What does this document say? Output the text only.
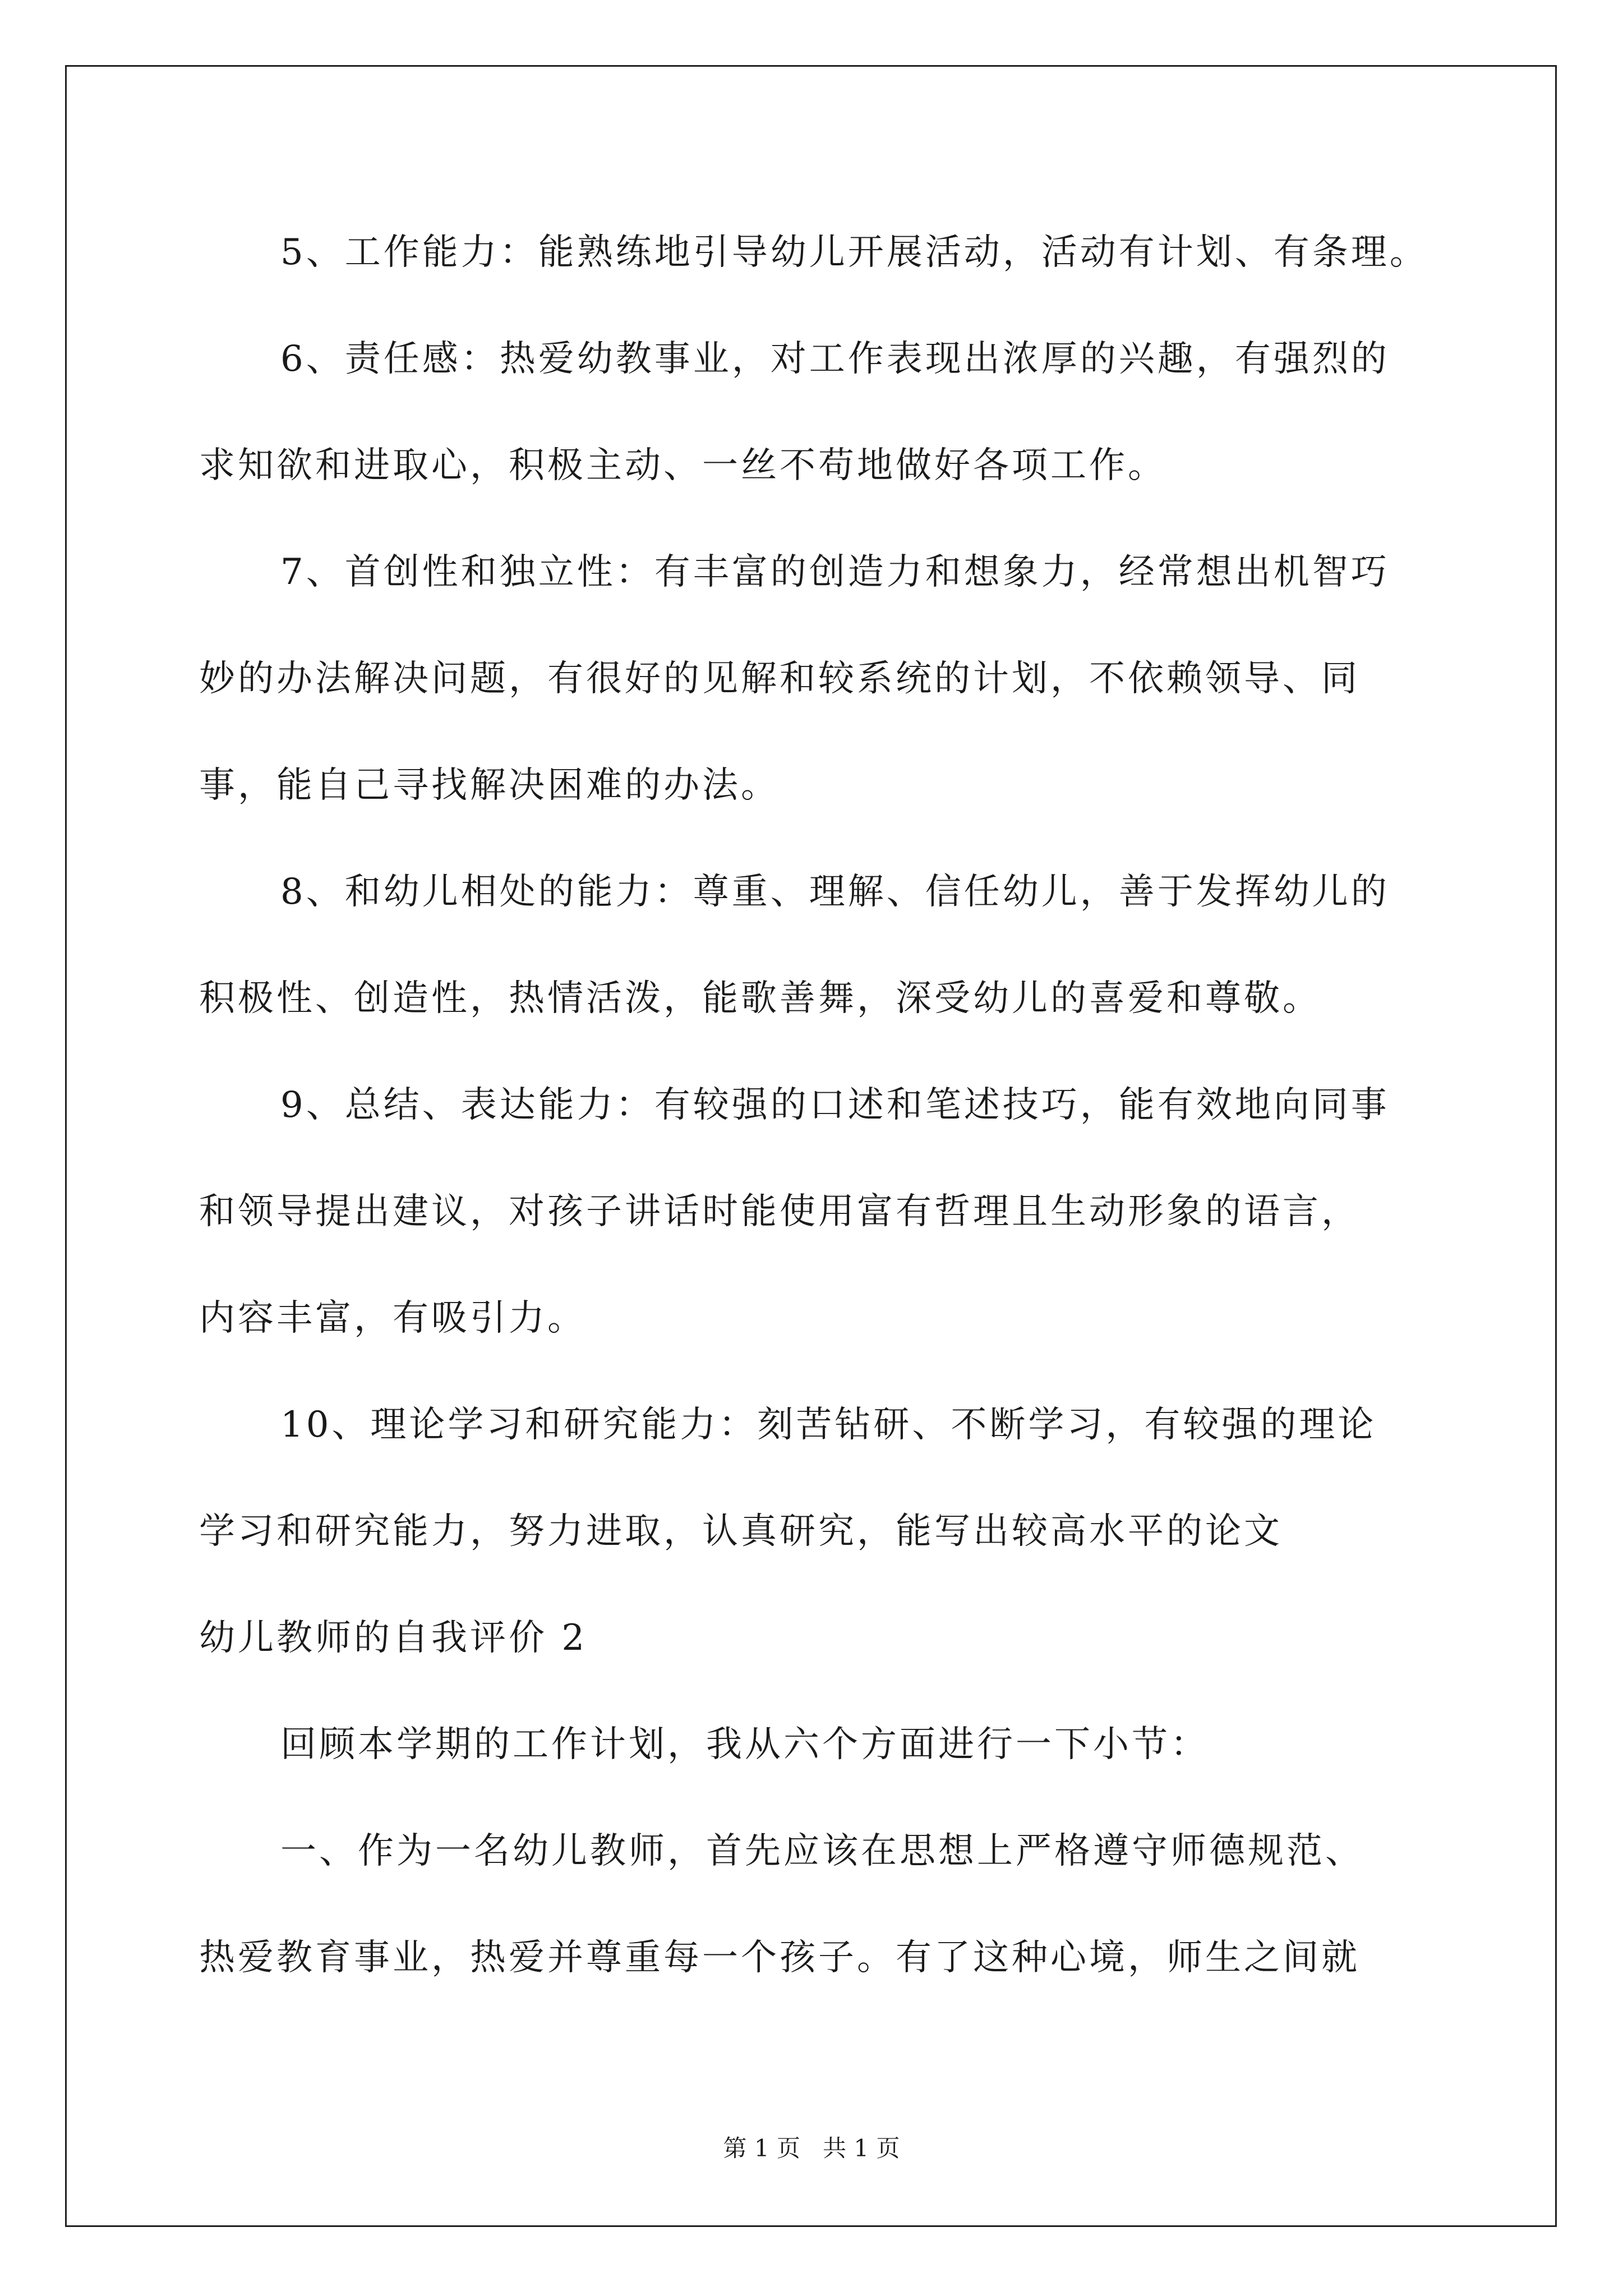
5、工作能力：能熟练地引导幼儿开展活动，活动有计划、有条理。
6、责任感：热爱幼教事业，对工作表现出浓厚的兴趣，有强烈的
求知欲和进取心，积极主动、一丝不苟地做好各项工作。
7、首创性和独立性：有丰富的创造力和想象力，经常想出机智巧
妙的办法解决问题，有很好的见解和较系统的计划，不依赖领导、同
事，能自己寻找解决困难的办法。
8、和幼儿相处的能力：尊重、理解、信任幼儿，善于发挥幼儿的
积极性、创造性，热情活泼，能歌善舞，深受幼儿的喜爱和尊敬。
9、总结、表达能力：有较强的口述和笔述技巧，能有效地向同事
和领导提出建议，对孩子讲话时能使用富有哲理且生动形象的语言，
内容丰富，有吸引力。
10、理论学习和研究能力：刻苦钻研、不断学习，有较强的理论
学习和研究能力，努力进取，认真研究，能写出较高水平的论文
幼儿教师的自我评价 2
回顾本学期的工作计划，我从六个方面进行一下小节：
一、作为一名幼儿教师，首先应该在思想上严格遵守师德规范、
热爱教育事业，热爱并尊重每一个孩子。有了这种心境，师生之间就
第 1 页   共 1 页
